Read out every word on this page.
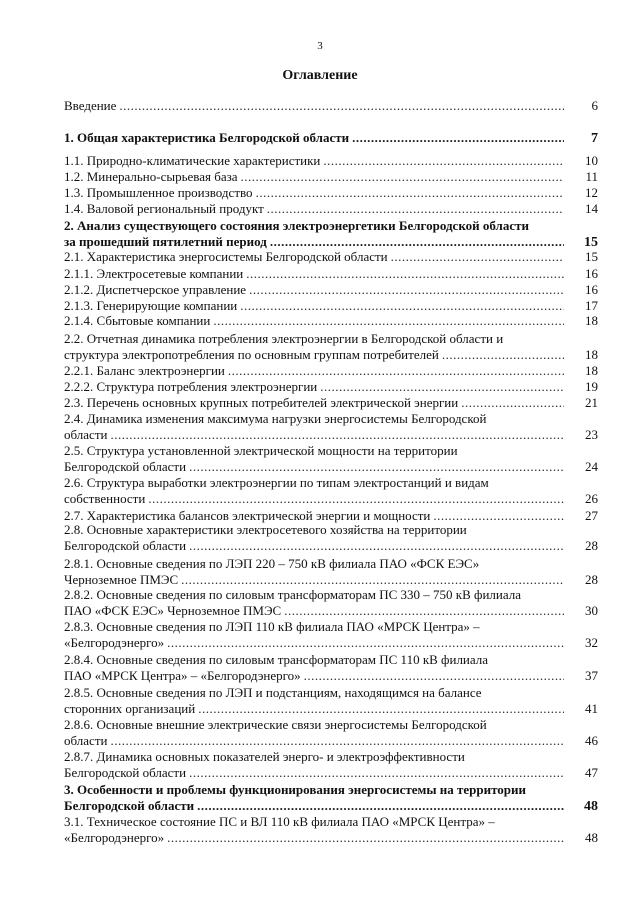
3
Оглавление
Введение .....	6
1. Общая характеристика Белгородской области .....	7
1.1. Природно-климатические характеристики .....	10
1.2. Минерально-сырьевая база .....	11
1.3. Промышленное производство .....	12
1.4. Валовой региональный продукт .....	14
2. Анализ существующего состояния электроэнергетики Белгородской области
за прошедший пятилетний период .....	15
2.1. Характеристика энергосистемы Белгородской области .....	15
2.1.1. Электросетевые компании .....	16
2.1.2. Диспетчерское управление .....	16
2.1.3. Генерирующие компании .....	17
2.1.4. Сбытовые компании .....	18
2.2. Отчетная динамика потребления электроэнергии в Белгородской области и
структура электропотребления по основным группам потребителей .....	18
2.2.1. Баланс электроэнергии .....	18
2.2.2. Структура потребления электроэнергии .....	19
2.3. Перечень основных крупных потребителей электрической энергии .....	21
2.4. Динамика изменения максимума нагрузки энергосистемы Белгородской
области .....	23
2.5. Структура установленной электрической мощности на территории
Белгородской области .....	24
2.6. Структура выработки электроэнергии по типам электростанций и видам
собственности .....	26
2.7. Характеристика балансов электрической энергии и мощности .....	27
2.8. Основные характеристики электросетевого хозяйства на территории
Белгородской области .....	28
2.8.1. Основные сведения по ЛЭП 220 – 750 кВ филиала ПАО «ФСК ЕЭС»
Черноземное ПМЭС .....	28
2.8.2. Основные сведения по силовым трансформаторам ПС 330 – 750 кВ филиала
ПАО «ФСК ЕЭС» Черноземное ПМЭС .....	30
2.8.3. Основные сведения по ЛЭП 110 кВ филиала ПАО «МРСК Центра» –
«Белгородэнерго» .....	32
2.8.4. Основные сведения по силовым трансформаторам ПС 110 кВ филиала
ПАО «МРСК Центра» – «Белгородэнерго» .....	37
2.8.5. Основные сведения по ЛЭП и подстанциям, находящимся на балансе
сторонних организаций .....	41
2.8.6. Основные внешние электрические связи энергосистемы Белгородской
области .....	46
2.8.7. Динамика основных показателей энерго- и электроэффективности
Белгородской области .....	47
3. Особенности и проблемы функционирования энергосистемы на территории
Белгородской области .....	48
3.1. Техническое состояние ПС и ВЛ 110 кВ филиала ПАО «МРСК Центра» –
«Белгородэнерго» .....	48
